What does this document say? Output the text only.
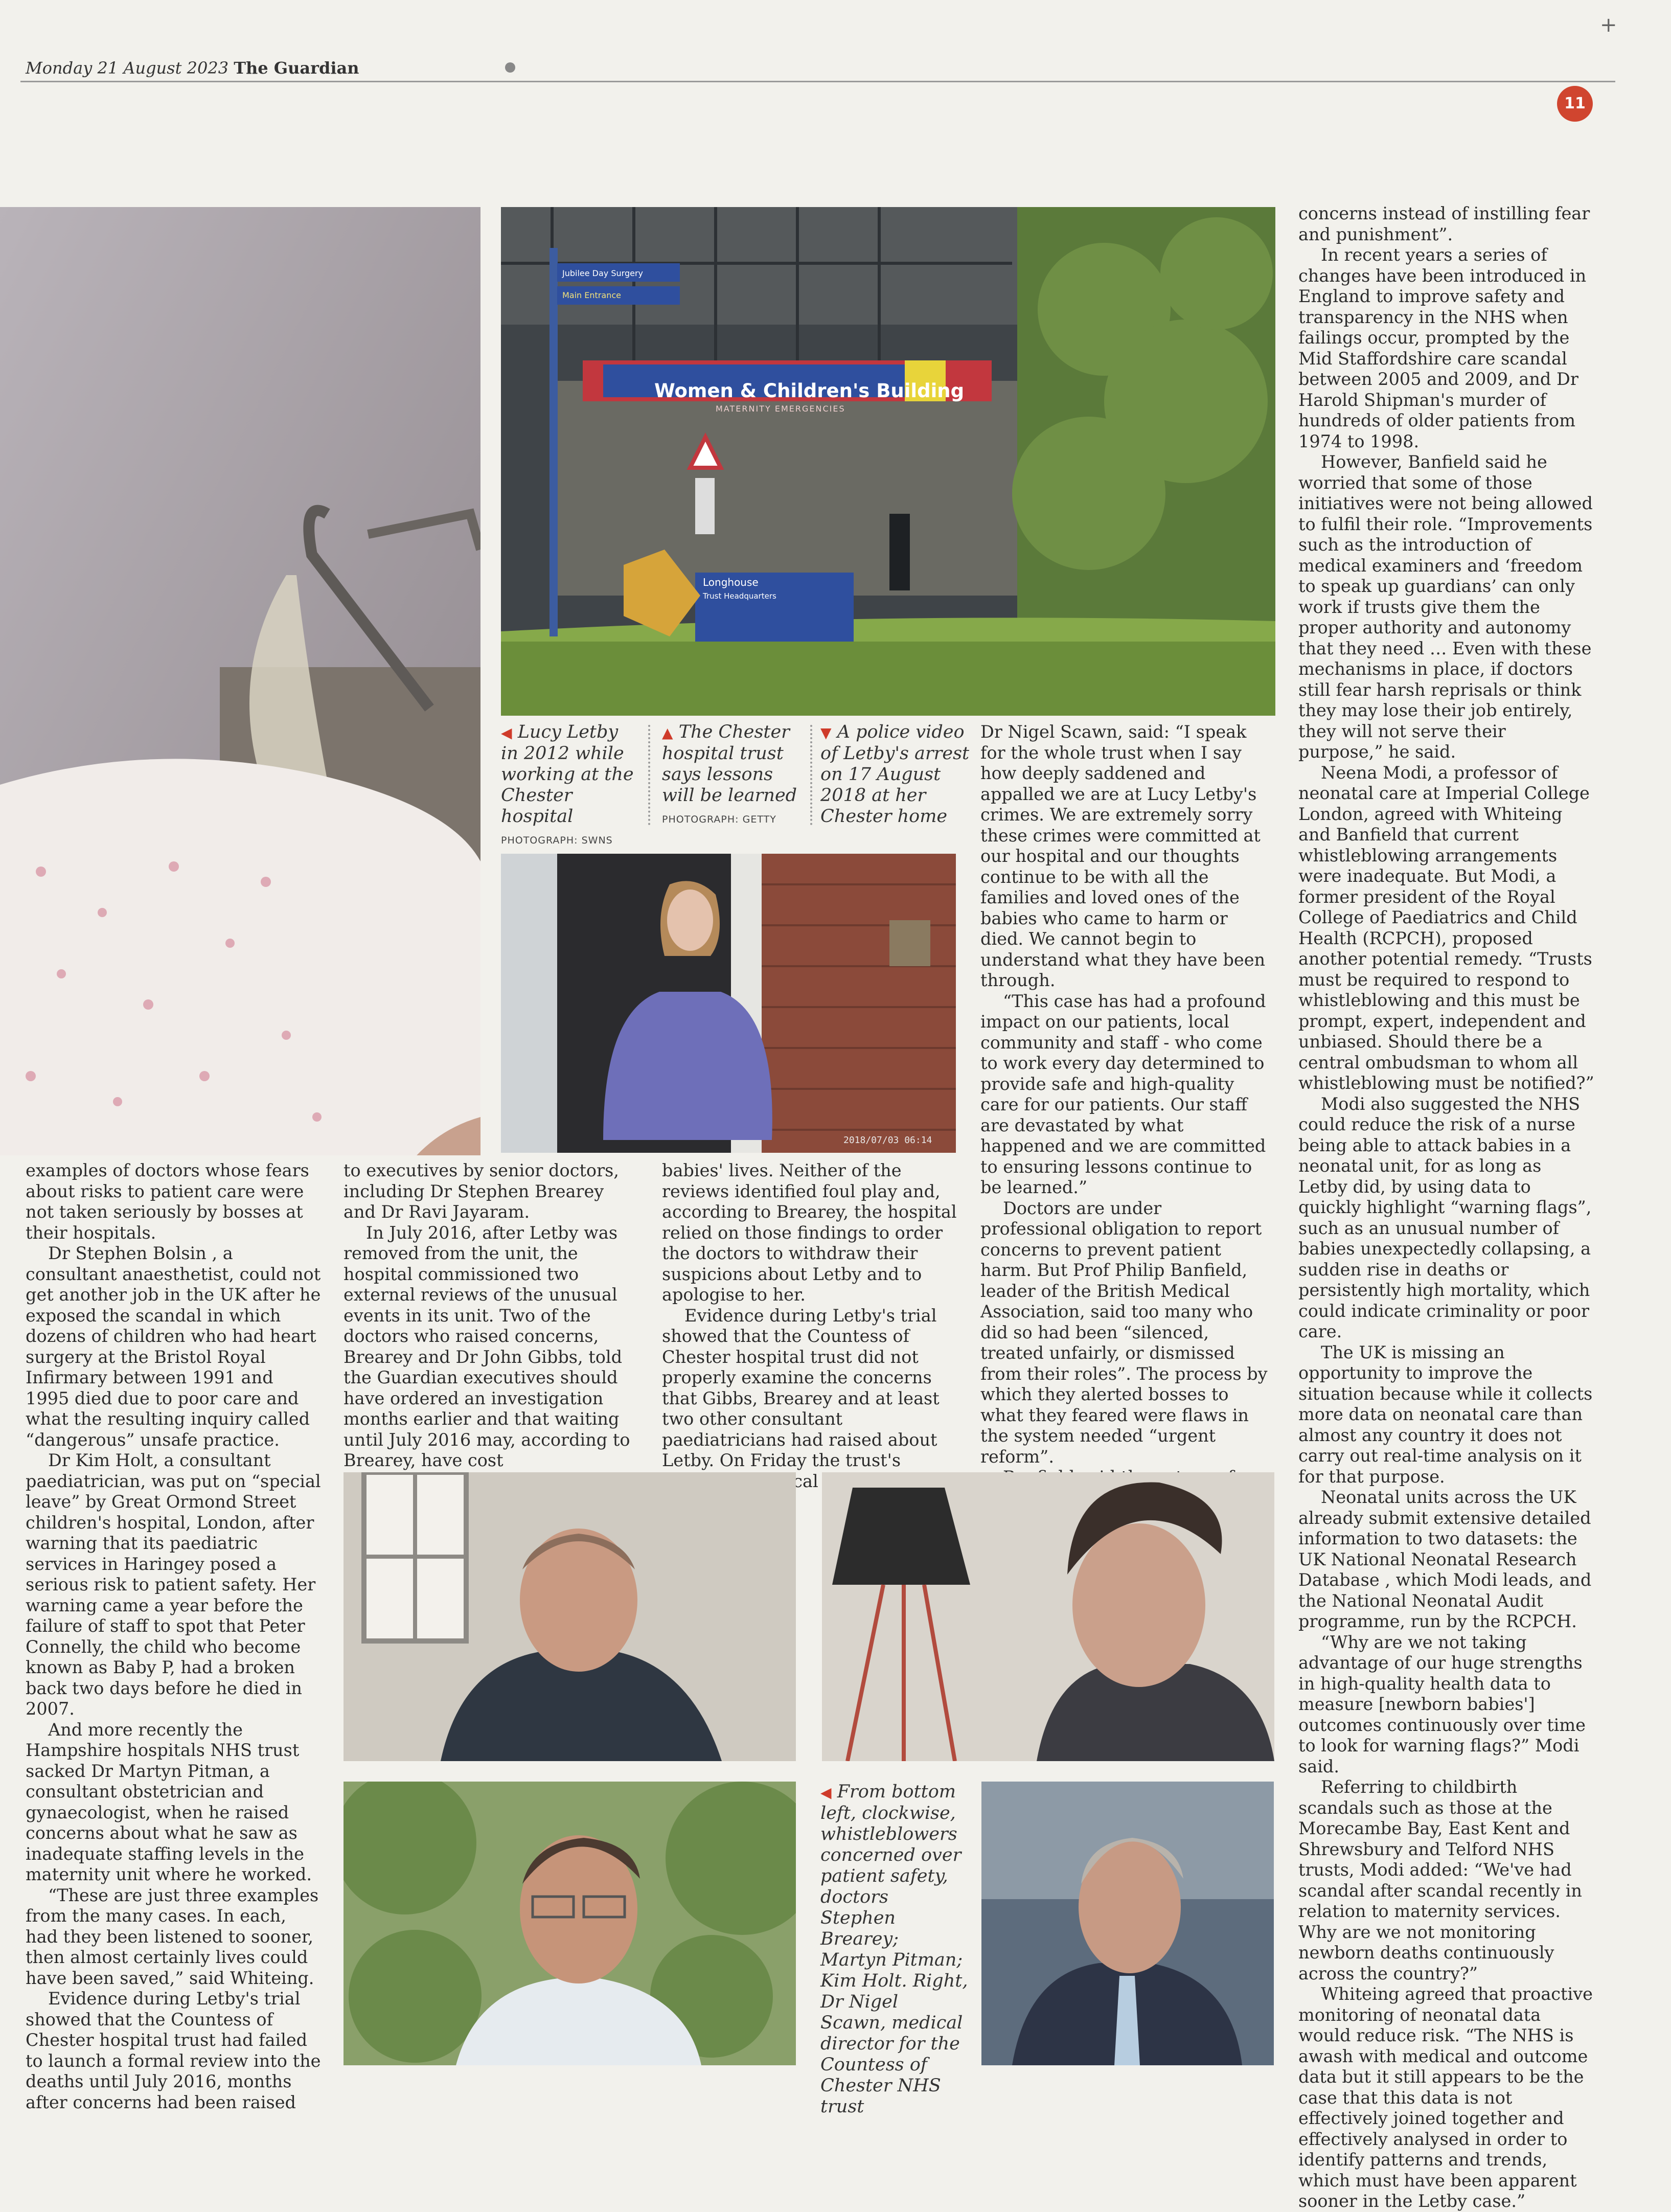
Monday 21 August 2023 The Guardian
+
11
Women & Children's Building
MATERNITY EMERGENCIES
Jubilee Day Surgery
Main Entrance
Longhouse
Trust Headquarters
◀ Lucy Letby in 2012 while working at the Chester hospital
PHOTOGRAPH: SWNS
▲ The Chester hospital trust says lessons will be learned
PHOTOGRAPH: GETTY
▼ A police video of Letby's arrest on 17 August 2018 at her Chester home
2018/07/03 06:14

Dr Nigel Scawn, said: “I speak for the whole trust when I say how deeply saddened and appalled we are at Lucy Letby's crimes. We are extremely sorry these crimes were committed at our hospital and our thoughts continue to be with all the families and loved ones of the babies who came to harm or died. We cannot begin to understand what they have been through.

“This case has had a profound impact on our patients, local community and staff - who come to work every day determined to provide safe and high-quality care for our patients. Our staff are devastated by what happened and we are committed to ensuring lessons continue to be learned.”

Doctors are under professional obligation to report concerns to prevent patient harm. But Prof Philip Banfield, leader of the British Medical Association, said too many who did so had been “silenced, treated unfairly, or dismissed from their roles”. The process by which they alerted bosses to what they feared were flaws in the system needed “urgent reform”.

concerns instead of instilling fear and punishment”.

In recent years a series of changes have been introduced in England to improve safety and transparency in the NHS when failings occur, prompted by the Mid Staffordshire care scandal between 2005 and 2009, and Dr Harold Shipman's murder of hundreds of older patients from 1974 to 1998.

However, Banfield said he worried that some of those initiatives were not being allowed to fulfil their role. “Improvements such as the introduction of medical examiners and ‘freedom to speak up guardians’ can only work if trusts give them the proper authority and autonomy that they need … Even with these mechanisms in place, if doctors still fear harsh reprisals or think they may lose their job entirely, they will not serve their purpose,” he said.

Neena Modi, a professor of neonatal care at Imperial College London, agreed with Whiteing and Banfield that current whistleblowing arrangements were inadequate. But Modi, a former president of the Royal College of Paediatrics and Child Health (RCPCH), proposed another potential remedy. “Trusts must be required to respond to whistleblowing and this must be prompt, expert, independent and unbiased. Should there be a central ombudsman to whom all whistleblowing must be notified?”

Modi also suggested the NHS could reduce the risk of a nurse being able to attack babies in a neonatal unit, for as long as Letby did, by using data to quickly highlight “warning flags”, such as an unusual number of babies unexpectedly collapsing, a sudden rise in deaths or persistently high mortality, which could indicate criminality or poor care.

The UK is missing an opportunity to improve the situation because while it collects more data on neonatal care than almost any country it does not carry out real-time analysis on it for that purpose.

Neonatal units across the UK already submit extensive detailed information to two datasets: the UK National Neonatal Research Database , which Modi leads, and the National Neonatal Audit programme, run by the RCPCH.

“Why are we not taking advantage of our huge strengths in high-quality health data to measure [newborn babies'] outcomes continuously over time to look for warning flags?” Modi said.

Referring to childbirth scandals such as those at the Morecambe Bay, East Kent and Shrewsbury and Telford NHS trusts, Modi added: “We've had scandal after scandal recently in relation to maternity services. Why are we not monitoring newborn deaths continuously across the country?”

Whiteing agreed that proactive monitoring of neonatal data would reduce risk. “The NHS is awash with medical and outcome data but it still appears to be the case that this data is not effectively joined together and effectively analysed in order to identify patterns and trends, which must have been apparent sooner in the Letby case.”

examples of doctors whose fears about risks to patient care were not taken seriously by bosses at their hospitals.

Dr Stephen Bolsin , a consultant anaesthetist, could not get another job in the UK after he exposed the scandal in which dozens of children who had heart surgery at the Bristol Royal Infirmary between 1991 and 1995 died due to poor care and what the resulting inquiry called “dangerous” unsafe practice.

Dr Kim Holt, a consultant paediatrician, was put on “special leave” by Great Ormond Street children's hospital, London, after warning that its paediatric services in Haringey posed a serious risk to patient safety. Her warning came a year before the failure of staff to spot that Peter Connelly, the child who become known as Baby P, had a broken back two days before he died in 2007.

And more recently the Hampshire hospitals NHS trust sacked Dr Martyn Pitman, a consultant obstetrician and gynaecologist, when he raised concerns about what he saw as inadequate staffing levels in the maternity unit where he worked.

“These are just three examples from the many cases. In each, had they been listened to sooner, then almost certainly lives could have been saved,” said Whiteing.

Evidence during Letby's trial showed that the Countess of Chester hospital trust had failed to launch a formal review into the deaths until July 2016, months after concerns had been raised

to executives by senior doctors, including Dr Stephen Brearey and Dr Ravi Jayaram.

In July 2016, after Letby was removed from the unit, the hospital commissioned two external reviews of the unusual events in its unit. Two of the doctors who raised concerns, Brearey and Dr John Gibbs, told the Guardian executives should have ordered an investigation months earlier and that waiting until July 2016 may, according to Brearey, have cost

babies' lives. Neither of the reviews identified foul play and, according to Brearey, the hospital relied on those findings to order the doctors to withdraw their suspicions about Letby and to apologise to her.

Evidence during Letby's trial showed that the Countess of Chester hospital trust did not properly examine the concerns that Gibbs, Brearey and at least two other consultant paediatricians had raised about Letby. On Friday the trust's

◀ From bottom left, clockwise, whistleblowers concerned over patient safety, doctors Stephen Brearey; Martyn Pitman; Kim Holt. Right, Dr Nigel Scawn, medical director for the Countess of Chester NHS trust
